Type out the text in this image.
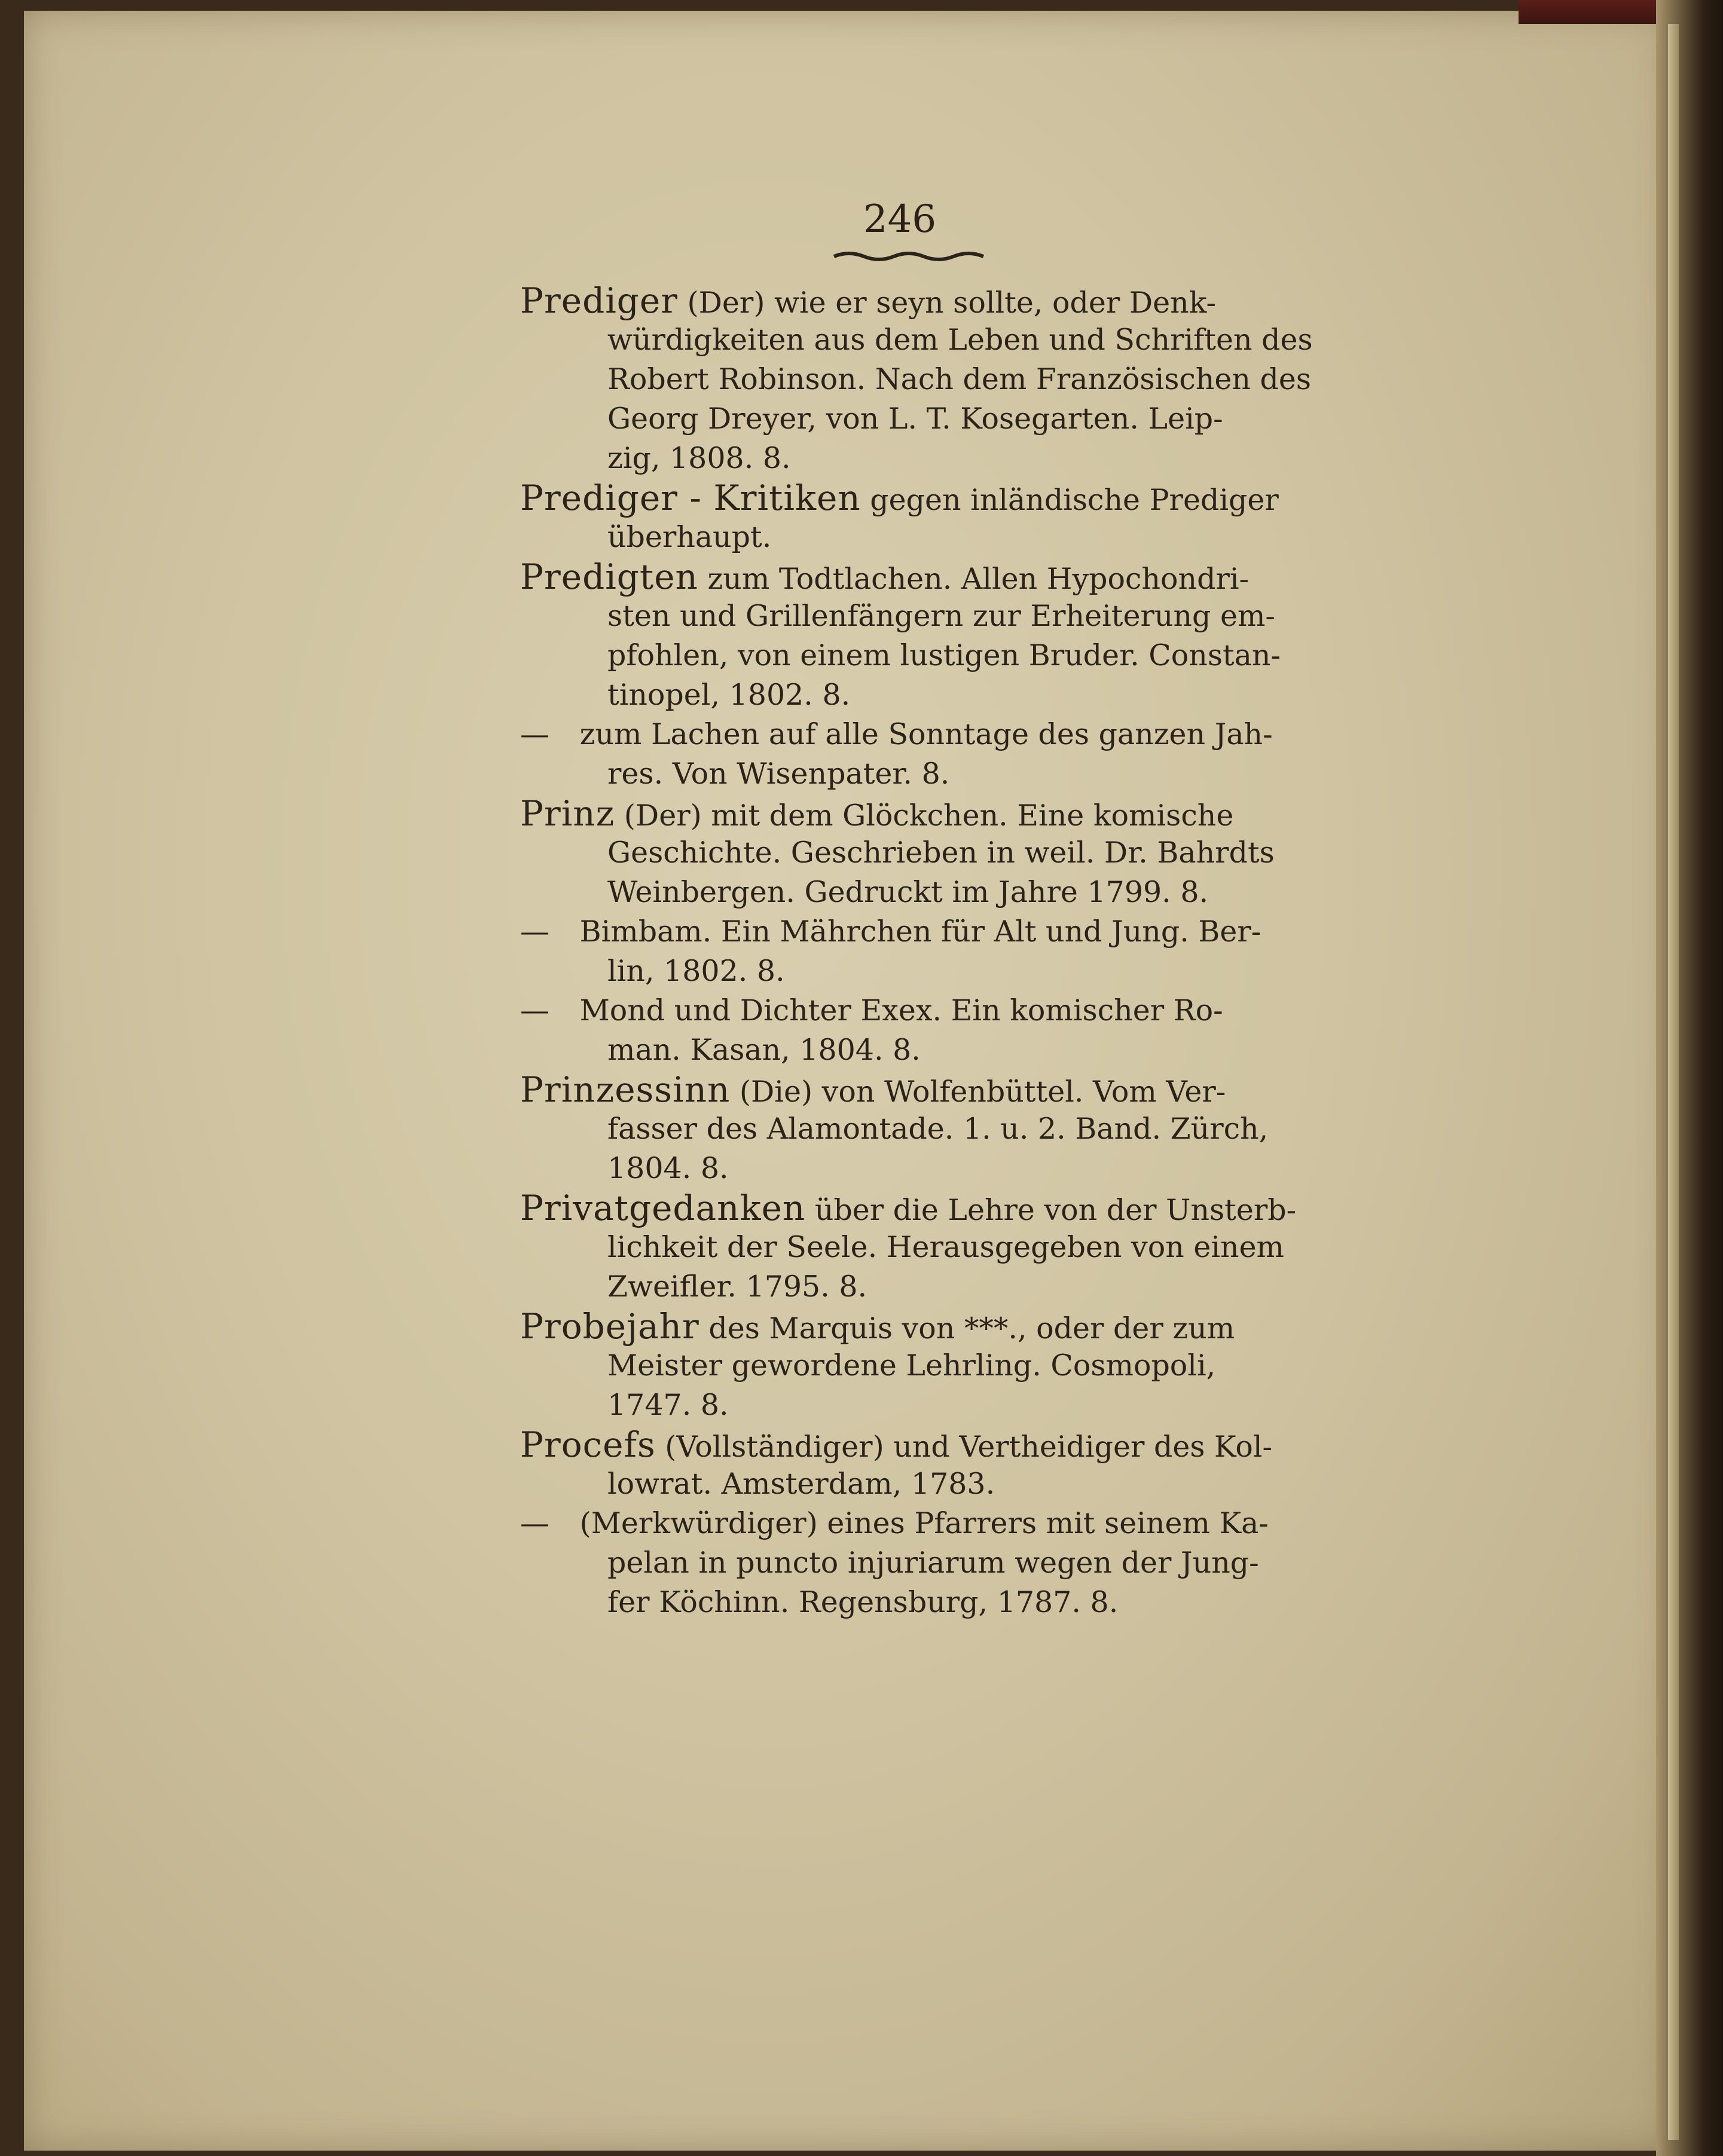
246
Prediger (Der) wie er seyn sollte, oder Denk-
würdigkeiten aus dem Leben und Schriften des
Robert Robinson. Nach dem Französischen des
Georg Dreyer, von L. T. Kosegarten. Leip-
zig, 1808. 8.
Prediger - Kritiken gegen inländische Prediger
überhaupt.
Predigten zum Todtlachen. Allen Hypochondri-
sten und Grillenfängern zur Erheiterung em-
pfohlen, von einem lustigen Bruder. Constan-
tinopel, 1802. 8.
— zum Lachen auf alle Sonntage des ganzen Jah-
res. Von Wisenpater. 8.
Prinz (Der) mit dem Glöckchen. Eine komische
Geschichte. Geschrieben in weil. Dr. Bahrdts
Weinbergen. Gedruckt im Jahre 1799. 8.
— Bimbam. Ein Mährchen für Alt und Jung. Ber-
lin, 1802. 8.
— Mond und Dichter Exex. Ein komischer Ro-
man. Kasan, 1804. 8.
Prinzessinn (Die) von Wolfenbüttel. Vom Ver-
fasser des Alamontade. 1. u. 2. Band. Zürch,
1804. 8.
Privatgedanken über die Lehre von der Unsterb-
lichkeit der Seele. Herausgegeben von einem
Zweifler. 1795. 8.
Probejahr des Marquis von ***., oder der zum
Meister gewordene Lehrling. Cosmopoli,
1747. 8.
Procefs (Vollständiger) und Vertheidiger des Kol-
lowrat. Amsterdam, 1783.
— (Merkwürdiger) eines Pfarrers mit seinem Ka-
pelan in puncto injuriarum wegen der Jung-
fer Köchinn. Regensburg, 1787. 8.
